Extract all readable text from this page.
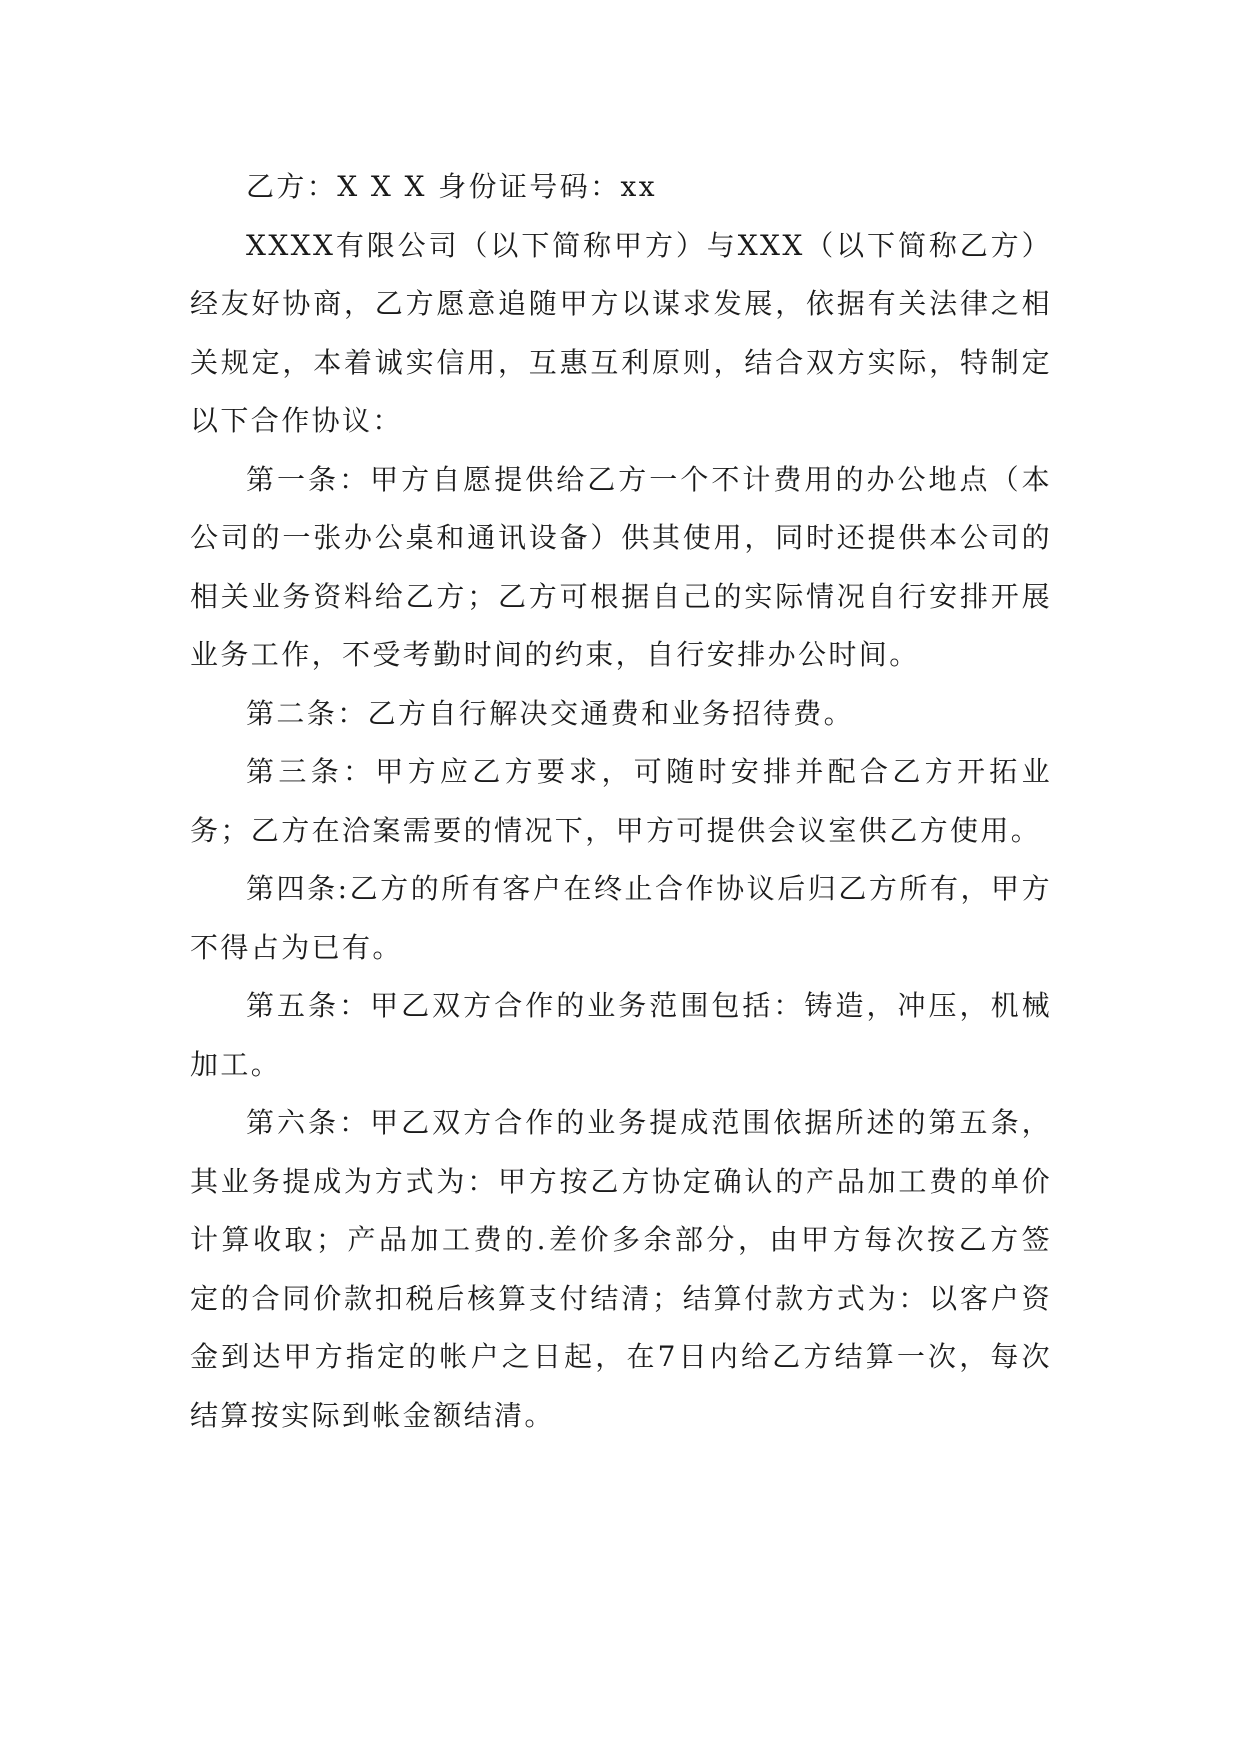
乙方：X X X 身份证号码：xx

XXXX有限公司（以下简称甲方）与XXX（以下简称乙方）经友好协商，乙方愿意追随甲方以谋求发展，依据有关法律之相关规定，本着诚实信用，互惠互利原则，结合双方实际，特制定以下合作协议：

第一条：甲方自愿提供给乙方一个不计费用的办公地点（本公司的一张办公桌和通讯设备）供其使用，同时还提供本公司的相关业务资料给乙方；乙方可根据自己的实际情况自行安排开展业务工作，不受考勤时间的约束，自行安排办公时间。

第二条：乙方自行解决交通费和业务招待费。

第三条：甲方应乙方要求，可随时安排并配合乙方开拓业务；乙方在洽案需要的情况下，甲方可提供会议室供乙方使用。

第四条:乙方的所有客户在终止合作协议后归乙方所有，甲方不得占为已有。

第五条：甲乙双方合作的业务范围包括：铸造，冲压，机械加工。

第六条：甲乙双方合作的业务提成范围依据所述的第五条，其业务提成为方式为：甲方按乙方协定确认的产品加工费的单价计算收取；产品加工费的.差价多余部分，由甲方每次按乙方签定的合同价款扣税后核算支付结清；结算付款方式为：以客户资金到达甲方指定的帐户之日起，在7日内给乙方结算一次，每次结算按实际到帐金额结清。
